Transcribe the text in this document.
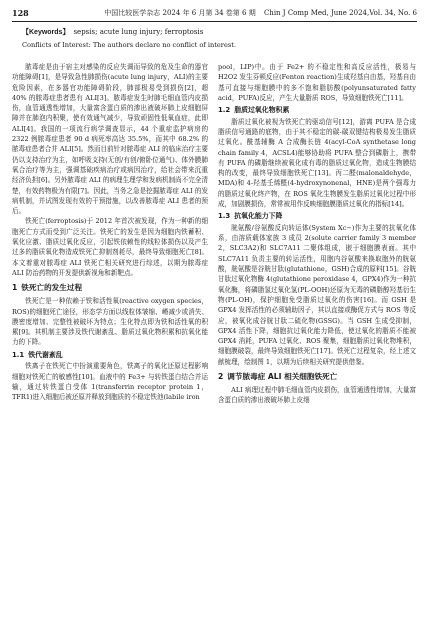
128	中国比较医学杂志 2024 年 6 月第 34 卷第 6 期 Chin J Comp Med, June 2024,Vol. 34, No. 6
【Keywords】 sepsis; acute lung injury; ferroptosis
Conflicts of Interest: The authors declare no conflict of interest.

脓毒症是由于宿主对感染的反应失调而导致的危及生命的器官功能障碍[1]，是导致急性肺损伤(acute lung injury，ALI)的主要危险因素，在多器官功能障碍阶段，肺部极易受到损伤[2]，超 40% 的脓毒症患者患有 ALI[3]。脓毒症发生时肺毛细血管内皮损伤，血管通透性增加，大量富含蛋白质的渗出液破坏肺上皮细胞屏障并在肺泡内积聚，使有效通气减少，导致顽固性低氧血症，此即 ALI[4]。我国的一项流行病学调查显示，44 个重症监护病房的 2322 例脓毒症患者 90 d 病死率高达 35.5%，而其中 68.2% 的脓毒症患者合并 ALI[5]。然而目前针对脓毒症 ALI 的临床治疗主要仍以支持治疗为主，如呼吸支持(无创/有创/俯卧位通气)、体外膜肺氧合治疗等为主，强调基础疾病治疗或病因治疗，给社会带来沉重经济负担[6]。另外脓毒症 ALI 的病理生理学和发病机制尚不完全清楚，有效药物极为有限[7]。因此，当务之急是挖掘脓毒症 ALI 的发病机制，并试图发现有效的干预措施，以改善脓毒症 ALI 患者的预后。

铁死亡(ferroptosis)于 2012 年首次被发现，作为一种新的细胞死亡方式而受到广泛关注。铁死亡的发生是因为细胞内铁蓄积、氧化应激、脂质过氧化反应，引起铁依赖性的线粒体损伤以及产生过多的脂质氧化物造成铁死亡抑制剂耗尽，最终导致细胞死亡[8]。本文着重对脓毒症 ALI 铁死亡相关研究进行综述，以期为脓毒症 ALI 防治药物的开发提供新视角和新靶点。

1 铁死亡的发生过程

铁死亡是一种依赖于铁和活性氧(reactive oxygen species，ROS)的细胞死亡途径，形态学方面以线粒体皱缩、嵴减少或消失、膜密度增加、完整性被破坏为特点；生化特点即为铁和活性氧的积累[9]。其机制主要涉及铁代谢紊乱、脂质过氧化物积累和抗氧化能力的下降。

1.1 铁代谢紊乱

铁离子在铁死亡中扮演重要角色，铁离子的氧化还原过程影响细胞对铁死亡的敏感性[10]。血液中的 Fe3+ 与转铁蛋白结合并运输，通过转铁蛋白受体 1(transferrin receptor protein 1，TFR1)进入细胞后被还原并释放到胞质的不稳定铁池(labile iron

pool，LIP)中。由于 Fe2+ 的不稳定性和高反应活性，极易与 H2O2 发生芬顿反应(Fenton reaction)生成羟基自由基，羟基自由基可直接与细胞膜中的多不饱和脂肪酸(polyunsaturated fatty acid，PUFA)反应，产生大量脂质 ROS，导致细胞铁死亡[11]。

1.2 脂质过氧化物积累

脂质过氧化被视为铁死亡的驱动信号[12]，游离 PUFA 是合成脂质信号通路的底物，由于其不稳定的碳-碳双键结构极易发生脂质过氧化。酰基辅酶 A 合成酶长链 4(acyl-CoA synthetase long chain family 4，ACSL4)能够协助将 PUFA 整合到磷脂上，携带有 PUFA 的磷脂继续被氧化成有毒的脂质过氧化物，造成生物膜结构的改变，最终导致细胞铁死亡[13]。丙二醛(malonaldehyde，MDA)和 4-羟基壬烯醛(4-hydroxynonenal，HNE)是两个强毒力的脂质过氧化终产物，在 ROS 氧化生物膜发生脂质过氧化过程中形成，加剧膜损伤，常常被用作反映细胞膜脂质过氧化的指标[14]。

1.3 抗氧化能力下降

胱氨酸/谷氨酸反向转运体(System Xc−)作为主要的抗氧化体系，由溶质载体家族 3 成员 2(solute carrier family 3 member 2，SLC3A2)和 SLC7A11 二聚体组成，嵌于细胞膜表面。其中 SLC7A11 负责主要的转运活性，用胞内谷氨酸来换取胞外的胱氨酸，胱氨酸是谷胱甘肽(glutathione，GSH)合成的原料[15]。谷胱甘肽过氧化物酶 4(glutathione peroxidase 4，GPX4)作为一种抗氧化酶，将磷脂氢过氧化氢(PL-OOH)还原为无毒的磷脂醇羟基衍生物(PL-OH)，保护细胞免受脂质过氧化的伤害[16]。而 GSH 是 GPX4 发挥活性的必须辅助因子，其以直接或酶促方式与 ROS 等反应，被氧化成谷胱甘肽二硫化物(GSSG)。当 GSH 生成受抑制，GPX4 活性下降，细胞抗过氧化能力降低，使过氧化的脂质不能被 GPX4 消耗，PUFA 过氧化、ROS 聚集，细胞脂质过氧化物堆积，细胞膜破裂，最终导致细胞铁死亡[17]。铁死亡过程复杂，经上述文献梳理，绘制图 1，以期为后续相关研究提供借鉴。

2 调节脓毒症 ALI 相关细胞铁死亡

ALI 病理过程中肺毛细血管内皮损伤，血管通透性增加，大量富含蛋白质的渗出液破坏肺上皮细
